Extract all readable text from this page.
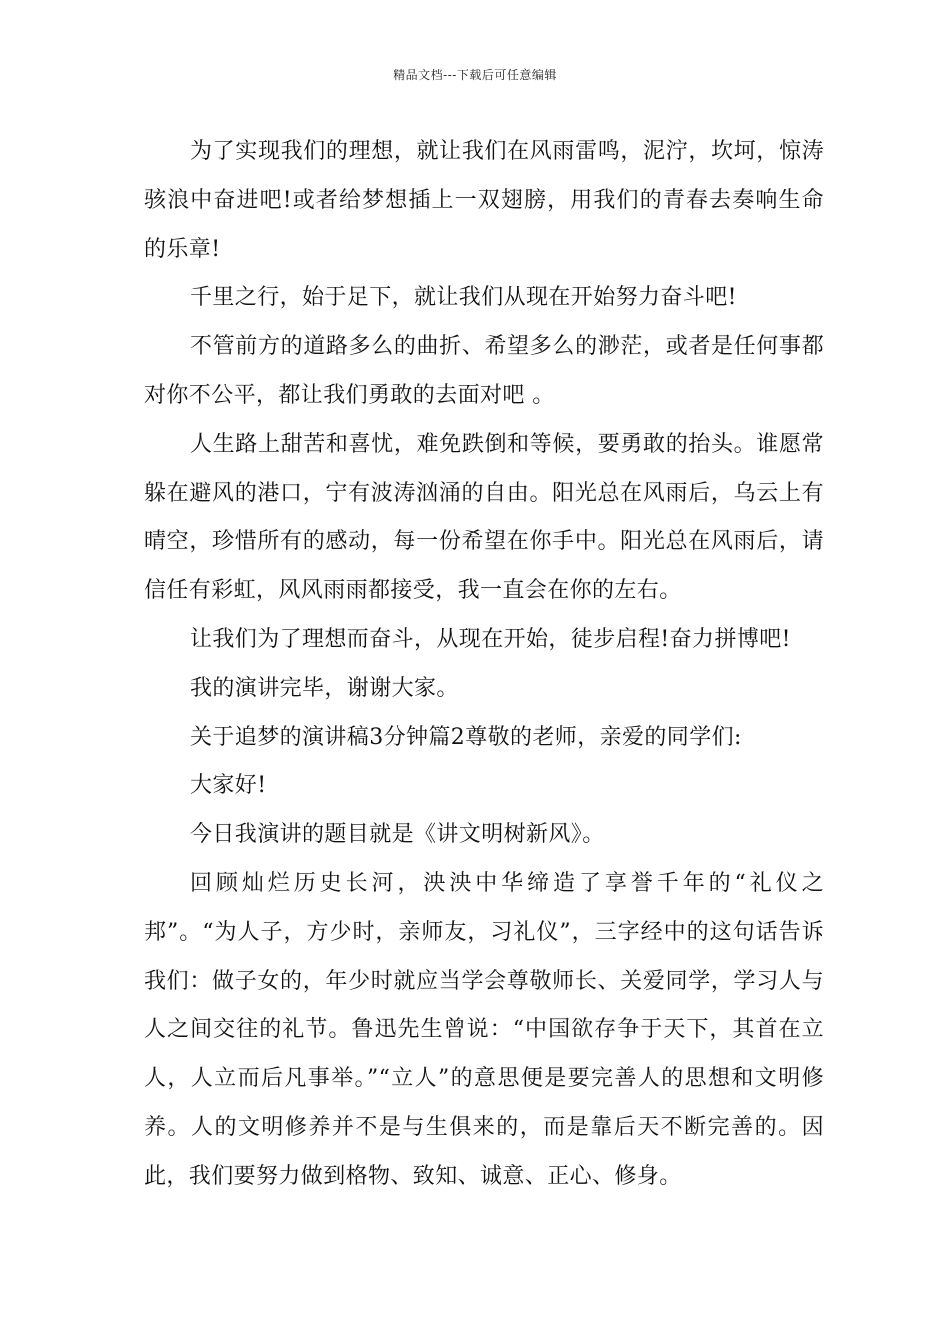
精品文档---下载后可任意编辑

为了实现我们的理想，就让我们在风雨雷鸣，泥泞，坎坷，惊涛骇浪中奋进吧!或者给梦想插上一双翅膀，用我们的青春去奏响生命的乐章!

千里之行，始于足下，就让我们从现在开始努力奋斗吧!

不管前方的道路多么的曲折、希望多么的渺茫，或者是任何事都对你不公平，都让我们勇敢的去面对吧 。

人生路上甜苦和喜忧，难免跌倒和等候，要勇敢的抬头。谁愿常躲在避风的港口，宁有波涛汹涌的自由。阳光总在风雨后，乌云上有晴空，珍惜所有的感动，每一份希望在你手中。阳光总在风雨后，请信任有彩虹，风风雨雨都接受，我一直会在你的左右。

让我们为了理想而奋斗，从现在开始，徒步启程!奋力拼博吧!

我的演讲完毕，谢谢大家。

关于追梦的演讲稿3分钟篇2尊敬的老师，亲爱的同学们:

大家好!

今日我演讲的题目就是《讲文明树新风》。

回顾灿烂历史长河，泱泱中华缔造了享誉千年的“礼仪之邦”。“为人子，方少时，亲师友，习礼仪”，三字经中的这句话告诉我们：做子女的，年少时就应当学会尊敬师长、关爱同学，学习人与人之间交往的礼节。鲁迅先生曾说：“中国欲存争于天下，其首在立人，人立而后凡事举。”“立人”的意思便是要完善人的思想和文明修养。人的文明修养并不是与生俱来的，而是靠后天不断完善的。因此，我们要努力做到格物、致知、诚意、正心、修身。
